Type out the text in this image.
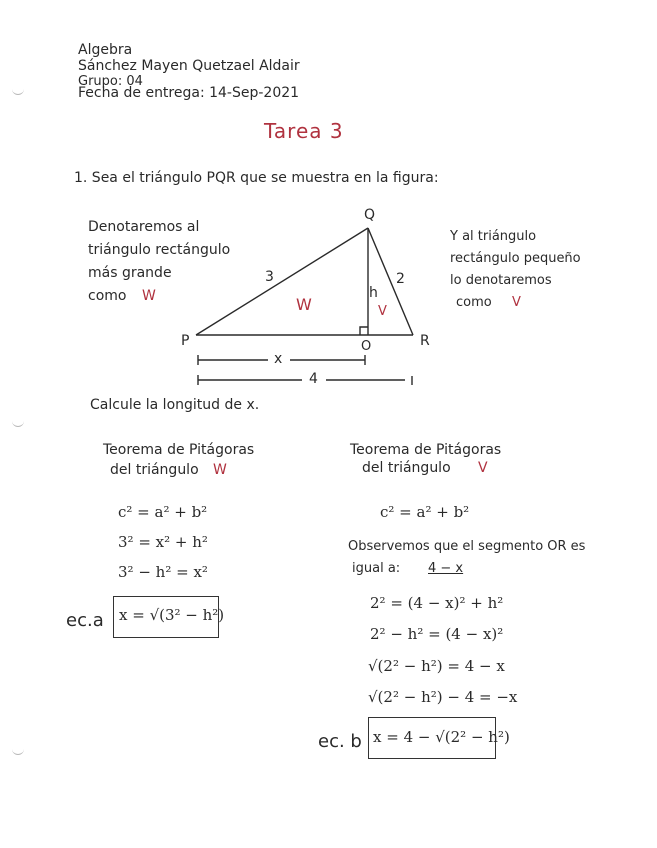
Algebra
Sánchez Mayen Quetzael Aldair
Grupo: 04
Fecha de entrega: 14-Sep-2021
Tarea 3
1. Sea el triángulo PQR que se muestra en la figura:
Denotaremos al
triángulo rectángulo
más grande
como W
Y al triángulo
rectángulo pequeño
lo denotaremos
como V
Q
P	R
O
3	2
h
W	V
x
4
Calcule la longitud de x.
Teorema de Pitágoras
del triángulo W
c² = a² + b²
3² = x² + h²
3² − h² = x²
ec.a x = √(3² − h²)
Teorema de Pitágoras
del triángulo V
c² = a² + b²
Observemos que el segmento OR es
igual a: 4 − x
2² = (4 − x)² + h²
2² − h² = (4 − x)²
√(2² − h²) = 4 − x
√(2² − h²) − 4 = −x
ec. b x = 4 − √(2² − h²)
